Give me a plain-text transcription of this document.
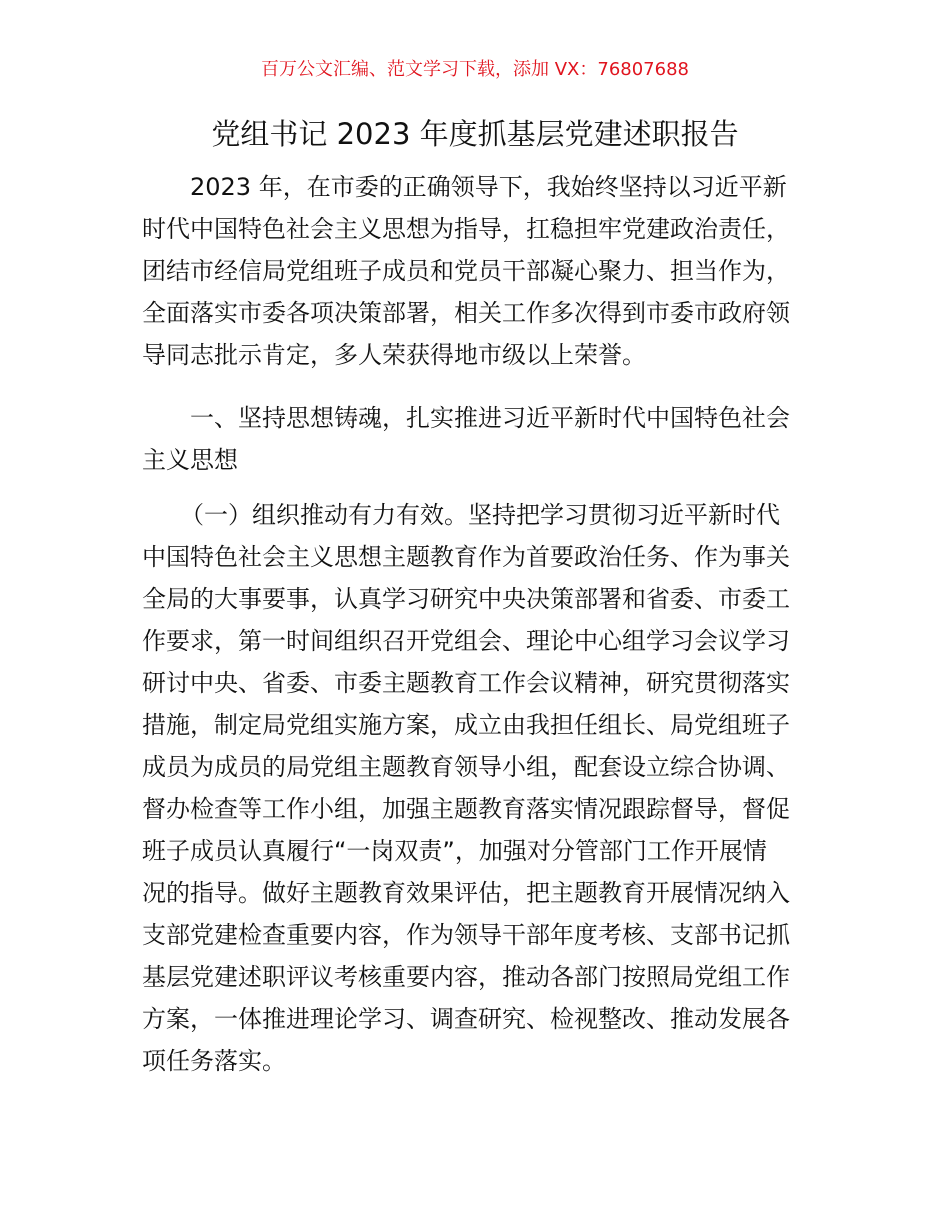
百万公文汇编、范文学习下载，添加 VX：76807688
党组书记 2023 年度抓基层党建述职报告
2023 年，在市委的正确领导下，我始终坚持以习近平新
时代中国特色社会主义思想为指导，扛稳担牢党建政治责任，
团结市经信局党组班子成员和党员干部凝心聚力、担当作为，
全面落实市委各项决策部署，相关工作多次得到市委市政府领
导同志批示肯定，多人荣获得地市级以上荣誉。
一、坚持思想铸魂，扎实推进习近平新时代中国特色社会
主义思想
（一）组织推动有力有效。坚持把学习贯彻习近平新时代
中国特色社会主义思想主题教育作为首要政治任务、作为事关
全局的大事要事，认真学习研究中央决策部署和省委、市委工
作要求，第一时间组织召开党组会、理论中心组学习会议学习
研讨中央、省委、市委主题教育工作会议精神，研究贯彻落实
措施，制定局党组实施方案，成立由我担任组长、局党组班子
成员为成员的局党组主题教育领导小组，配套设立综合协调、
督办检查等工作小组，加强主题教育落实情况跟踪督导，督促
班子成员认真履行“一岗双责”，加强对分管部门工作开展情
况的指导。做好主题教育效果评估，把主题教育开展情况纳入
支部党建检查重要内容，作为领导干部年度考核、支部书记抓
基层党建述职评议考核重要内容，推动各部门按照局党组工作
方案，一体推进理论学习、调查研究、检视整改、推动发展各
项任务落实。
